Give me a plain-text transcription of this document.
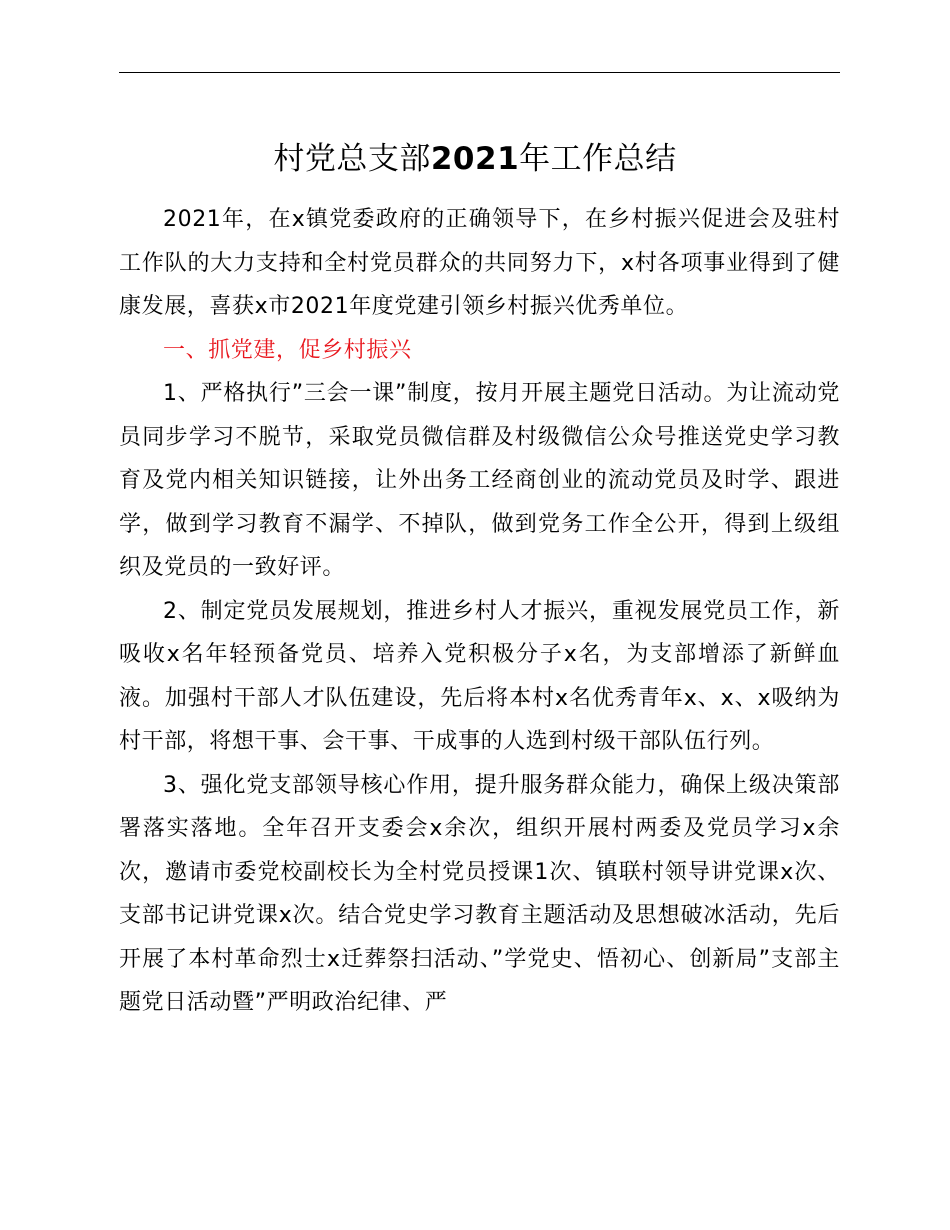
村党总支部2021年工作总结

2021年，在x镇党委政府的正确领导下，在乡村振兴促进会及驻村工作队的大力支持和全村党员群众的共同努力下，x村各项事业得到了健康发展，喜获x市2021年度党建引领乡村振兴优秀单位。

一、抓党建，促乡村振兴

1、严格执行”三会一课”制度，按月开展主题党日活动。为让流动党员同步学习不脱节，采取党员微信群及村级微信公众号推送党史学习教育及党内相关知识链接，让外出务工经商创业的流动党员及时学、跟进学，做到学习教育不漏学、不掉队，做到党务工作全公开，得到上级组织及党员的一致好评。

2、制定党员发展规划，推进乡村人才振兴，重视发展党员工作，新吸收x名年轻预备党员、培养入党积极分子x名，为支部增添了新鲜血液。加强村干部人才队伍建设，先后将本村x名优秀青年x、x、x吸纳为村干部，将想干事、会干事、干成事的人选到村级干部队伍行列。

3、强化党支部领导核心作用，提升服务群众能力，确保上级决策部署落实落地。全年召开支委会x余次，组织开展村两委及党员学习x余次，邀请市委党校副校长为全村党员授课1次、镇联村领导讲党课x次、支部书记讲党课x次。结合党史学习教育主题活动及思想破冰活动，先后开展了本村革命烈士x迁葬祭扫活动、”学党史、悟初心、创新局”支部主题党日活动暨”严明政治纪律、严
